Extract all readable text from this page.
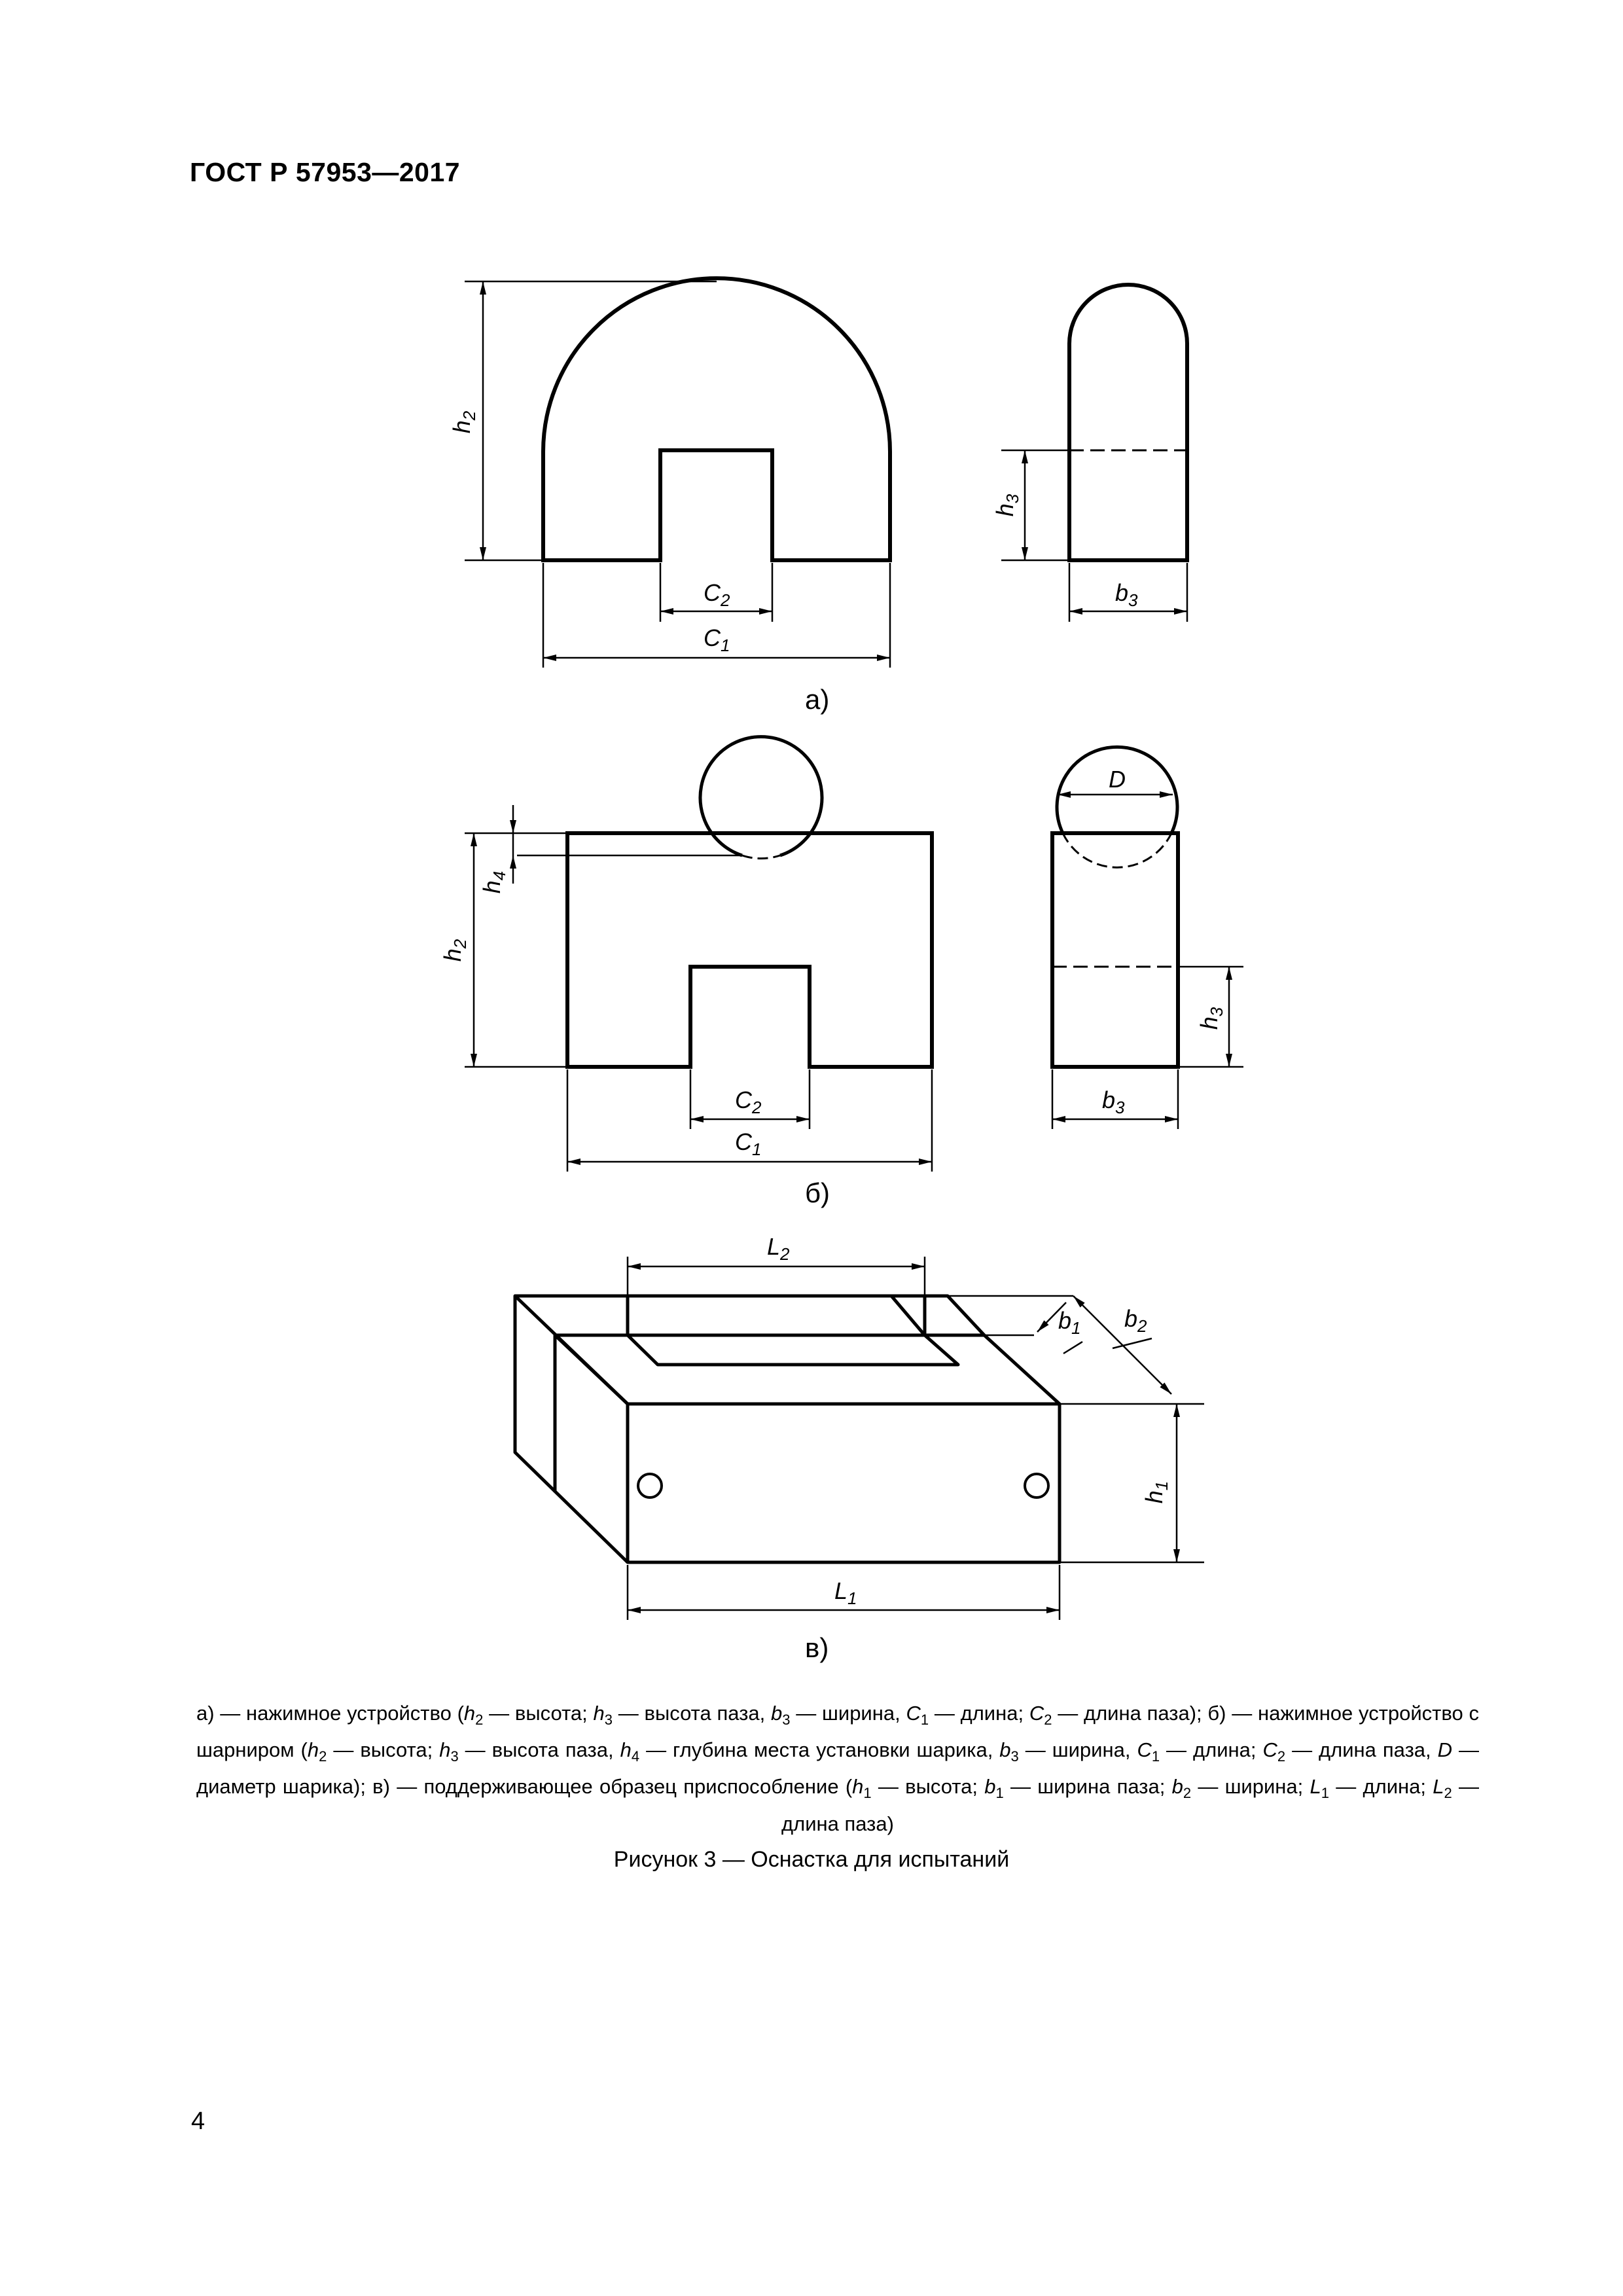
ГОСТ Р 57953—2017
$h_2$
$C_2$
$C_1$
$h_3$
$b_3$
а)
$h_2$
$h_4$
$C_2$
$C_1$
D
$h_3$
$b_3$
б)
$L_2$
$b_1$ $b_2$
$h_1$
$L_1$
в)
а) — нажимное устройство ($h_2$ — высота; $h_3$ — высота паза, $b_3$ — ширина, $C_1$ — длина; $C_2$ — длина паза); б) — нажимное устройство с шарниром ($h_2$ — высота; $h_3$ — высота паза, $h_4$ — глубина места установки шарика, $b_3$ — ширина, $C_1$ — длина; $C_2$ — длина паза, D — диаметр шарика); в) — поддерживающее образец приспособление ($h_1$ — высота; $b_1$ — ширина паза; $b_2$ — ширина; $L_1$ — длина; $L_2$ — длина паза)
Рисунок 3 — Оснастка для испытаний
4
